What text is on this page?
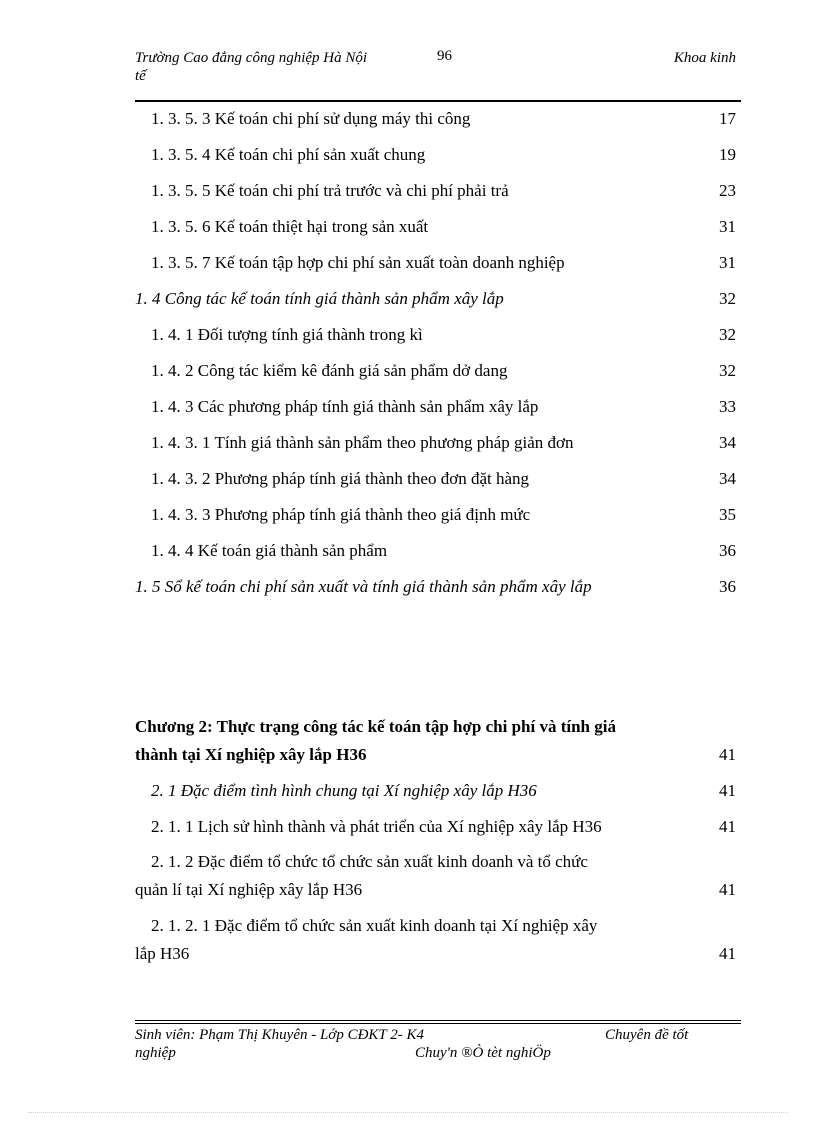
Trường Cao đẳng công nghiệp Hà Nội
tế
96	Khoa kinh
1. 3. 5. 3 Kế toán chi phí sử dụng máy thi công	17
1. 3. 5. 4 Kế toán chi phí sản xuất chung	19
1. 3. 5. 5 Kế toán chi phí trả trước và chi phí phải trả	23
1. 3. 5. 6 Kế toán thiệt hại trong sản xuất	31
1. 3. 5. 7 Kế toán tập hợp chi phí sản xuất toàn doanh nghiệp	31
1. 4 Công tác kế toán tính giá thành sản phẩm xây lắp	32
1. 4. 1 Đối tượng tính giá thành trong kì	32
1. 4. 2 Công tác kiểm kê đánh giá sản phẩm dở dang	32
1. 4. 3 Các phương pháp tính giá thành sản phẩm xây lắp	33
1. 4. 3. 1 Tính giá thành sản phẩm theo phương pháp giản đơn	34
1. 4. 3. 2 Phương pháp tính giá thành theo đơn đặt hàng	34
1. 4. 3. 3 Phương pháp tính giá thành theo giá định mức	35
1. 4. 4 Kế toán giá thành sản phẩm	36
1. 5 Sổ kế toán chi phí sản xuất và tính giá thành sản phẩm xây lắp	36
Chương 2: Thực trạng công tác kế toán tập hợp chi phí và tính giá
thành tại Xí nghiệp xây lắp H36	41
2. 1 Đặc điểm tình hình chung tại Xí nghiệp xây lắp H36	41
2. 1. 1 Lịch sử hình thành và phát triển của Xí nghiệp xây lắp H36	41
2. 1. 2 Đặc điểm tổ chức tổ chức sản xuất kinh doanh và tổ chức
quản lí tại Xí nghiệp xây lắp H36	41
2. 1. 2. 1 Đặc điểm tổ chức sản xuất kinh doanh tại Xí nghiệp xây
lắp H36	41
Sinh viên: Phạm Thị Khuyên - Lớp CĐKT 2- K4	Chuyên đề tốt
nghiệp	Chuy'n ®Ò tèt nghiÖp
